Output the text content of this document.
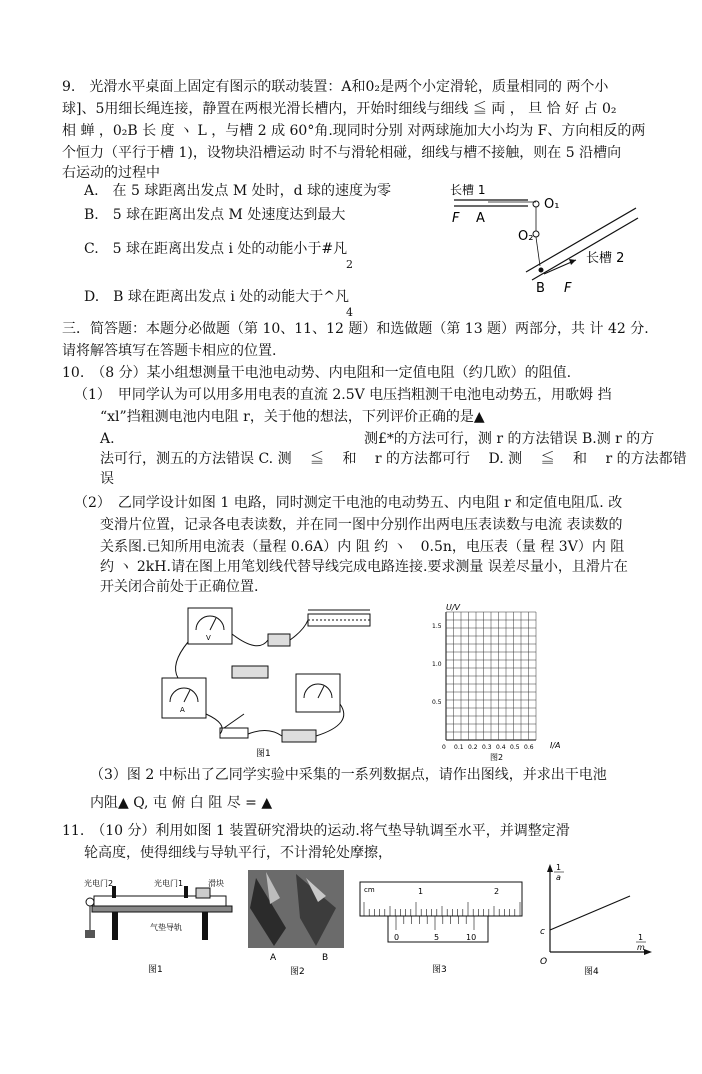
9.　光滑水平桌面上固定有图示的联动装置：A和0₂是两个小定滑轮，质量相同的 两个小
球]、5用细长绳连接，静置在两根光滑长槽内，开始时细线与细线 ≦ 両 ， 旦 恰 好 占 0₂
相 蝉 ，0₂B 长 度 ヽ L ，与槽 2 成 60°角.现同时分别 对两球施加大小均为 F、方向相反的两
个恒力（平行于槽 1)，设物块沿槽运动 时不与滑轮相碰，细线与槽不接触，则在 5 沿槽向
右运动的过程中
A.　在 5 球距离出发点 M 处时，d 球的速度为零
B.　5 球在距离出发点 M 处速度达到最大
C.　5 球在距离出发点 i 处的动能小于#凡
2
D.　B 球在距离出发点 i 处的动能大于^凡
4
长槽 1
F A
O₁
O₂
长槽 2
B F
三．简答题：本题分必做题（第 10、11、12 题）和选做题（第 13 题）两部分，共 计 42 分.
请将解答填写在答题卡相应的位置.
10.　（8 分）某小组想测量干电池电动势、内电阻和一定值电阻（约几欧）的阻值.
（1）　甲同学认为可以用多用电表的直流 2.5V 电压挡粗测干电池电动势五，用歌姆 挡
“xl”挡粗测电池内电阻 r，关于他的想法，下列评价正确的是▲
A.	测£*的方法可行，测 r 的方法错误 B.测 r 的方
法可行，测五的方法错误 C. 测　 ≦　 和　 r 的方法都可行　 D. 测　 ≦　 和　 r 的方法都错
误
（2）　乙同学设计如图 1 电路，同时测定干电池的电动势五、内电阻 r 和定值电阻瓜. 改
变滑片位置，记录各电表读数，并在同一图中分别作出两电压表读数与电流 表读数的
关系图.已知所用电流表（量程 0.6A）内 阻 约 ヽ　0.5n，电压表（量 程 3V）内 阻
约 ヽ 2kH.请在图上用笔划线代替导线完成电路连接.要求测量 误差尽量小，且滑片在
开关闭合前处于正确位置.
V
A
图1
U/V
I/A
1.5
1.0
0.5
0 0.1 0.2 0.3 0.4 0.5 0.6
图2
（3）图 2 中标出了乙同学实验中采集的一系列数据点，请作出图线，并求出干电池
内阻▲ Q, 屯 俯 白 阻 尽 = ▲
11.　（10 分）利用如图 1 装置研究滑块的运动.将气垫导轨调至水平，并调整定滑
轮高度，使得细线与导轨平行，不计滑轮处摩擦，
光电门2	光电门1	滑块
气垫导轨
图1
A	B
图2
cm	1	2
0	5	10
图3
1
a
1
m
c
O
图4
